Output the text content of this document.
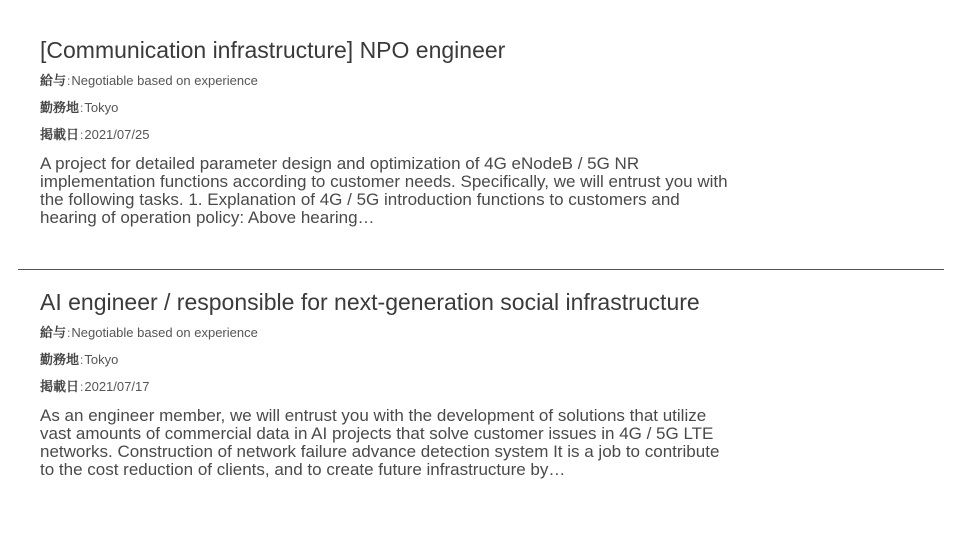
[Communication infrastructure] NPO engineer
給与:Negotiable based on experience
勤務地:Tokyo
掲載日:2021/07/25
A project for detailed parameter design and optimization of 4G eNodeB / 5G NR implementation functions according to customer needs. Specifically, we will entrust you with the following tasks. 1. Explanation of 4G / 5G introduction functions to customers and hearing of operation policy: Above hearing…
AI engineer / responsible for next-generation social infrastructure
給与:Negotiable based on experience
勤務地:Tokyo
掲載日:2021/07/17
As an engineer member, we will entrust you with the development of solutions that utilize vast amounts of commercial data in AI projects that solve customer issues in 4G / 5G LTE networks. Construction of network failure advance detection system It is a job to contribute to the cost reduction of clients, and to create future infrastructure by…
